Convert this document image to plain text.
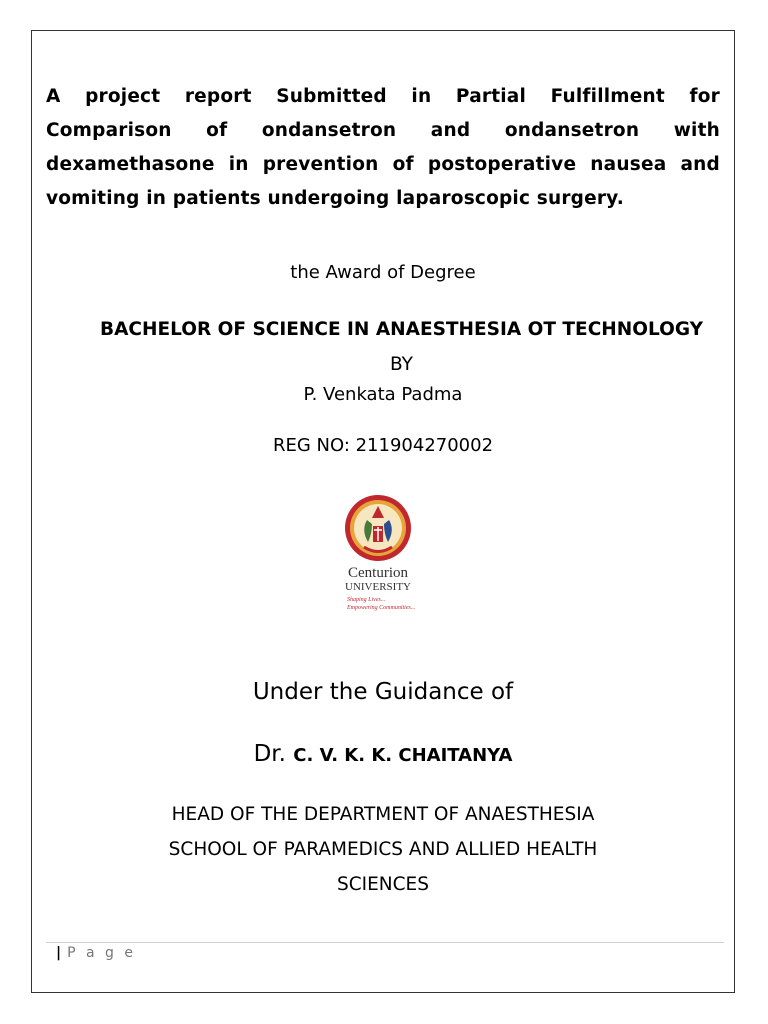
A project report Submitted in Partial Fulfillment for Comparison of ondansetron and ondansetron with dexamethasone in prevention of postoperative nausea and vomiting in patients undergoing laparoscopic surgery.

the Award of Degree

BACHELOR OF SCIENCE IN ANAESTHESIA OT TECHNOLOGY BY

P. Venkata Padma

REG NO: 211904270002

Centurion
UNIVERSITY
Shaping Lives...
Empowering Communities...

Under the Guidance of

Dr. C. V. K. K. CHAITANYA

HEAD OF THE DEPARTMENT OF ANAESTHESIA
SCHOOL OF PARAMEDICS AND ALLIED HEALTH
SCIENCES

| P a g e
